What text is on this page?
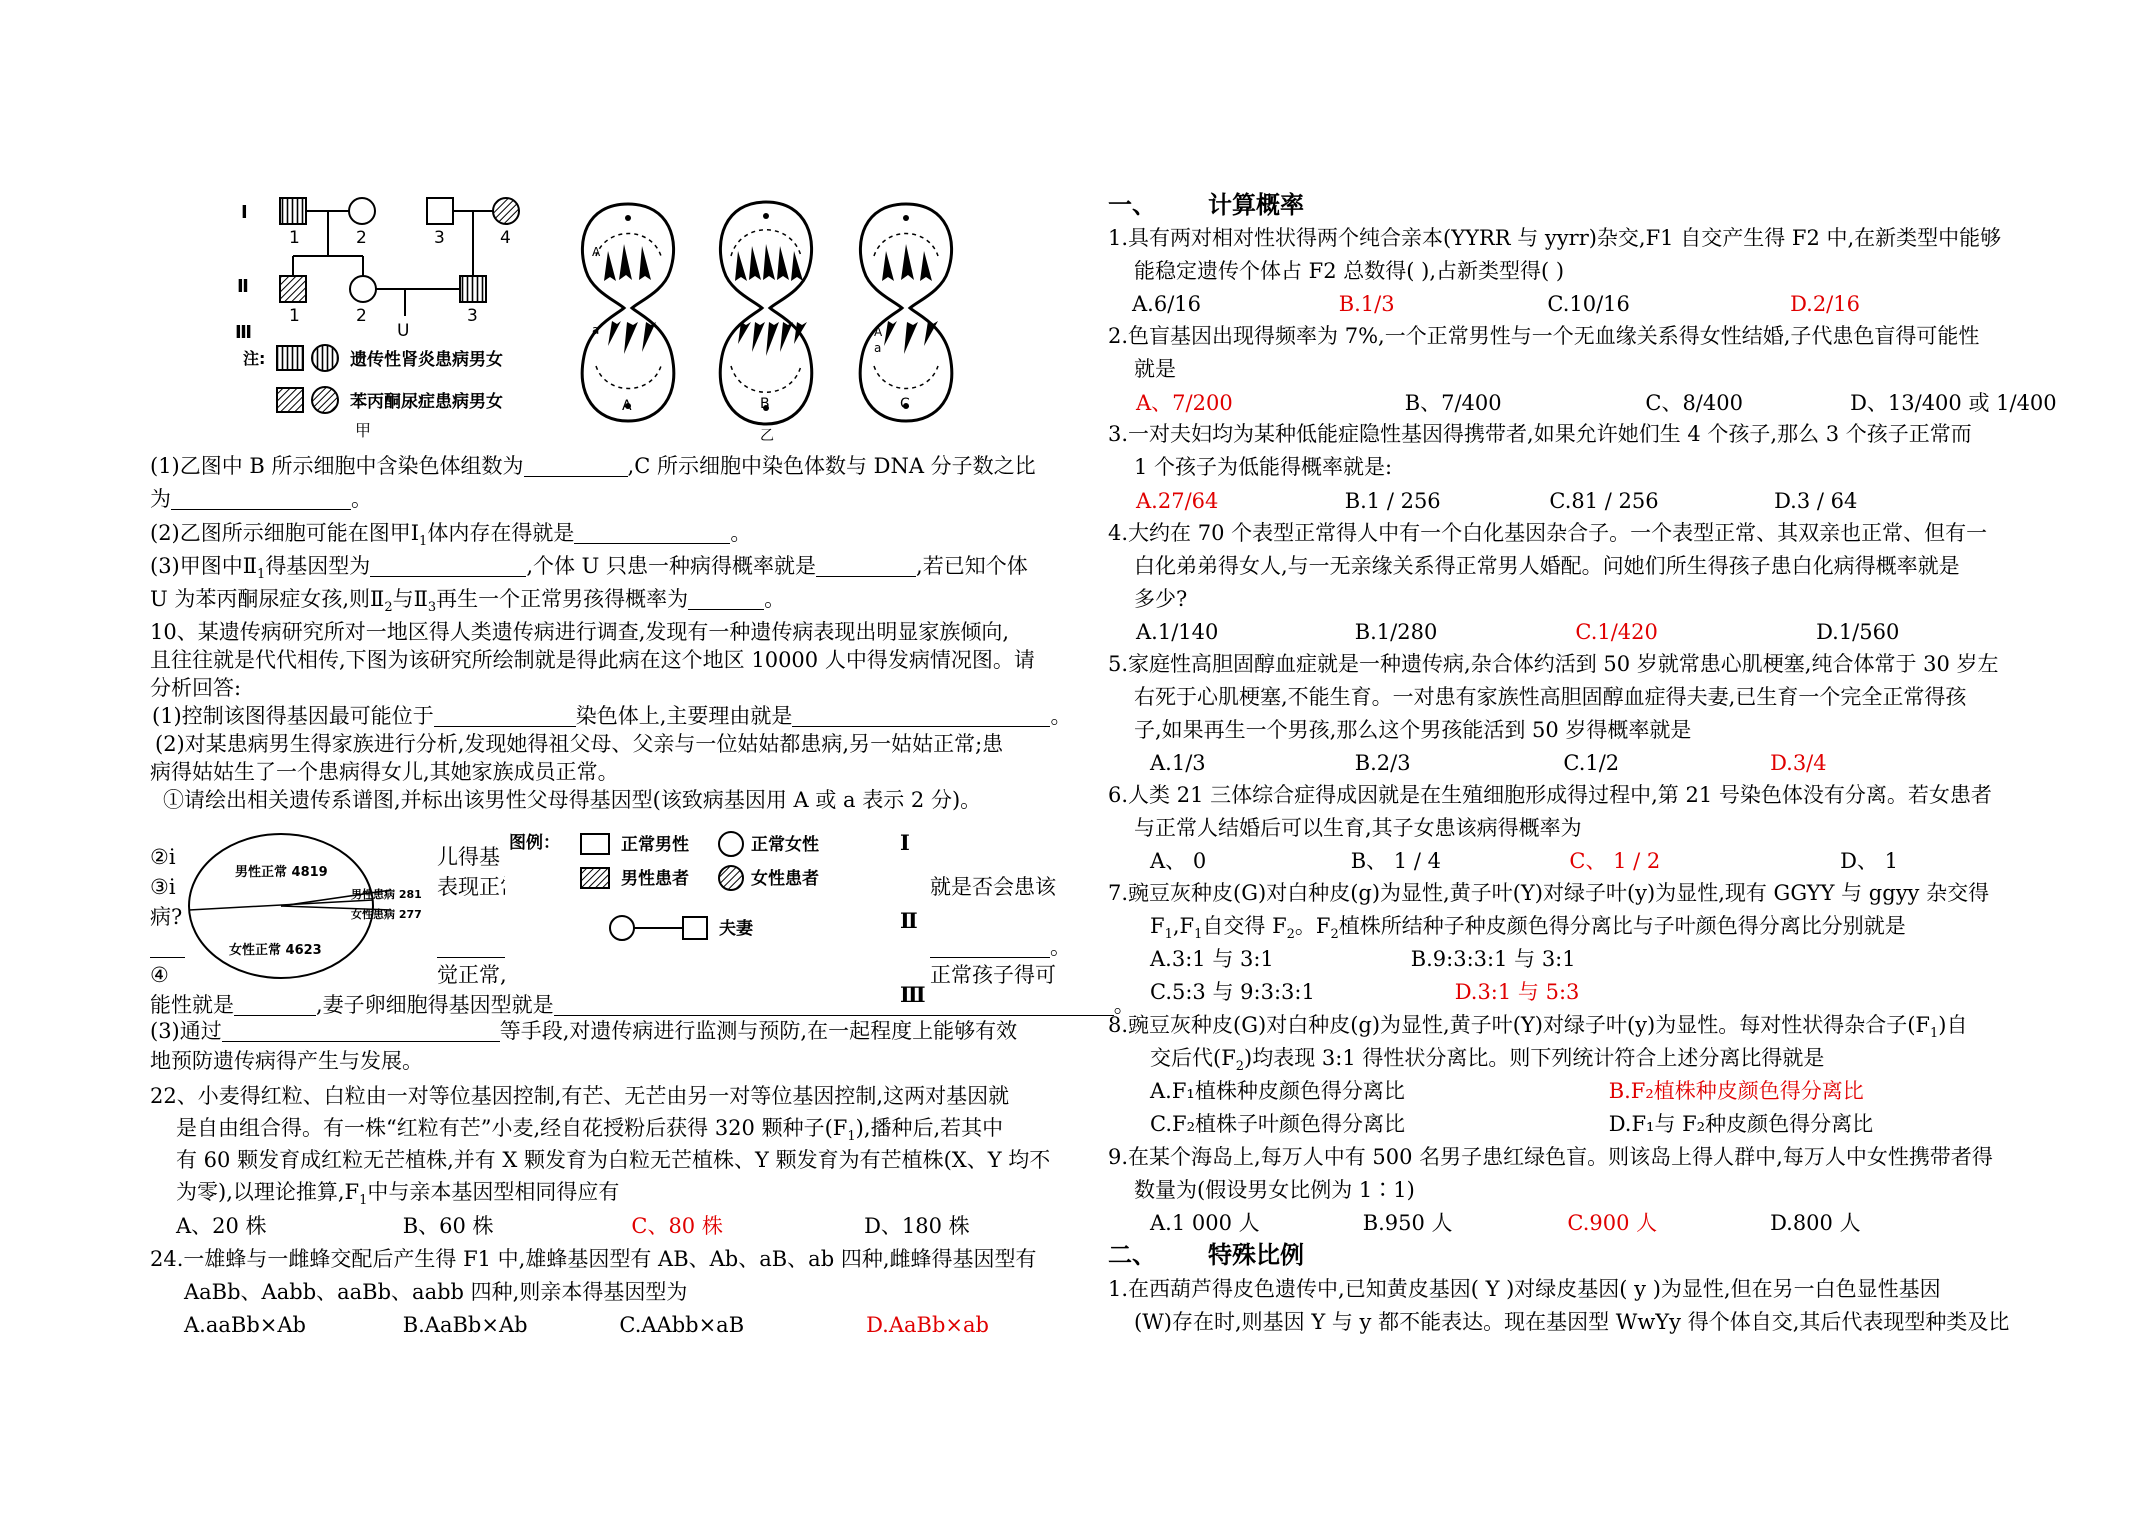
Ⅰ
Ⅱ
Ⅲ
1	2	3	4
1	2	3
U
注:	遗传性肾炎患病男女
苯丙酮尿症患病男女
甲
A
a
A	B
A
a
C
乙
(1)乙图中 B 所示细胞中含染色体组数为	,C 所示细胞中染色体数与 DNA 分子数之比
为	。
(2)乙图所示细胞可能在图甲$Ⅰ_1$体内存在得就是	。
(3)甲图中$Ⅱ_1$得基因型为	,个体 U 只患一种病得概率就是	,若已知个体
U 为苯丙酮尿症女孩,则$Ⅱ_2$与$Ⅱ_3$再生一个正常男孩得概率为	。
10、某遗传病研究所对一地区得人类遗传病进行调查,发现有一种遗传病表现出明显家族倾向,
且往往就是代代相传,下图为该研究所绘制就是得此病在这个地区 10000 人中得发病情况图。请
分析回答:
(1)控制该图得基因最可能位于	染色体上,主要理由就是	。
(2)对某患病男生得家族进行分析,发现她得祖父母、父亲与一位姑姑都患病,另一姑姑正常;患
病得姑姑生了一个患病得女儿,其她家族成员正常。
①请绘出相关遗传系谱图,并标出该男性父母得基因型(该致病基因用 A 或 a 表示 2 分)。
②i	儿得基
③i	表现正常	就是否会患该
病?
。
④	觉正常,	正常孩子得可
能性就是	,妻子卵细胞得基因型就是	。
男性正常 4819
男性患病 281
女性患病 277
女性正常 4623
图例：	正常男性	正常女性
男性患者	女性患者
夫妻
Ⅰ
Ⅱ
Ⅲ
(3)通过	等手段,对遗传病进行监测与预防,在一起程度上能够有效
地预防遗传病得产生与发展。
22、小麦得红粒、白粒由一对等位基因控制,有芒、无芒由另一对等位基因控制,这两对基因就
是自由组合得。有一株“红粒有芒”小麦,经自花授粉后获得 320 颗种子$(F_1)$,播种后,若其中
有 60 颗发育成红粒无芒植株,并有 X 颗发育为白粒无芒植株、Y 颗发育为有芒植株(X、Y 均不
为零),以理论推算$,F_1$中与亲本基因型相同得应有
A、20 株	B、60 株	C、80 株	D、180 株
24.一雄蜂与一雌蜂交配后产生得 F1 中,雄蜂基因型有 AB、Ab、aB、ab 四种,雌蜂得基因型有
AaBb、Aabb、aaBb、aabb 四种,则亲本得基因型为
A.aaBb×Ab	B.AaBb×Ab	C.AAbb×aB	D.AaBb×ab
一、 计算概率
1.具有两对相对性状得两个纯合亲本(YYRR 与 yyrr)杂交,F1 自交产生得 F2 中,在新类型中能够
能稳定遗传个体占 F2 总数得( ),占新类型得( )
A.6/16	B.1/3	C.10/16	D.2/16
2.色盲基因出现得频率为 7%,一个正常男性与一个无血缘关系得女性结婚,子代患色盲得可能性
就是
A、7/200	B、7/400	C、8/400	D、13/400 或 1/400
3.一对夫妇均为某种低能症隐性基因得携带者,如果允许她们生 4 个孩子,那么 3 个孩子正常而
1 个孩子为低能得概率就是:
A.27/64	B.1 / 256	C.81 / 256	D.3 / 64
4.大约在 70 个表型正常得人中有一个白化基因杂合子。一个表型正常、其双亲也正常、但有一
白化弟弟得女人,与一无亲缘关系得正常男人婚配。问她们所生得孩子患白化病得概率就是
多少?
A.1/140	B.1/280	C.1/420	D.1/560
5.家庭性高胆固醇血症就是一种遗传病,杂合体约活到 50 岁就常患心肌梗塞,纯合体常于 30 岁左
右死于心肌梗塞,不能生育。一对患有家族性高胆固醇血症得夫妻,已生育一个完全正常得孩
子,如果再生一个男孩,那么这个男孩能活到 50 岁得概率就是
A.1/3	B.2/3	C.1/2	D.3/4
6.人类 21 三体综合症得成因就是在生殖细胞形成得过程中,第 21 号染色体没有分离。若女患者
与正常人结婚后可以生育,其子女患该病得概率为
A、 0	B、 1 / 4	C、 1 / 2	D、 1
7.豌豆灰种皮(G)对白种皮(g)为显性,黄子叶(Y)对绿子叶(y)为显性,现有 GGYY 与 ggyy 杂交得
$F_1,F_1$自交得 $F_2$。$F_2$植株所结种子种皮颜色得分离比与子叶颜色得分离比分别就是
A.3:1 与 3:1	B.9:3:3:1 与 3:1
C.5:3 与 9:3:3:1	D.3:1 与 5:3
8.豌豆灰种皮(G)对白种皮(g)为显性,黄子叶(Y)对绿子叶(y)为显性。每对性状得杂合子$(F_1)$自
交后代$(F_2)$均表现 3:1 得性状分离比。则下列统计符合上述分离比得就是
A.F₁植株种皮颜色得分离比	B.F₂植株种皮颜色得分离比
C.F₂植株子叶颜色得分离比	D.F₁与 F₂种皮颜色得分离比
9.在某个海岛上,每万人中有 500 名男子患红绿色盲。则该岛上得人群中,每万人中女性携带者得
数量为(假设男女比例为 1∶1)
A.1 000 人	B.950 人	C.900 人	D.800 人
二、 特殊比例
1.在西葫芦得皮色遗传中,已知黄皮基因( Y )对绿皮基因( y )为显性,但在另一白色显性基因
(W)存在时,则基因 Y 与 y 都不能表达。现在基因型 WwYy 得个体自交,其后代表现型种类及比
